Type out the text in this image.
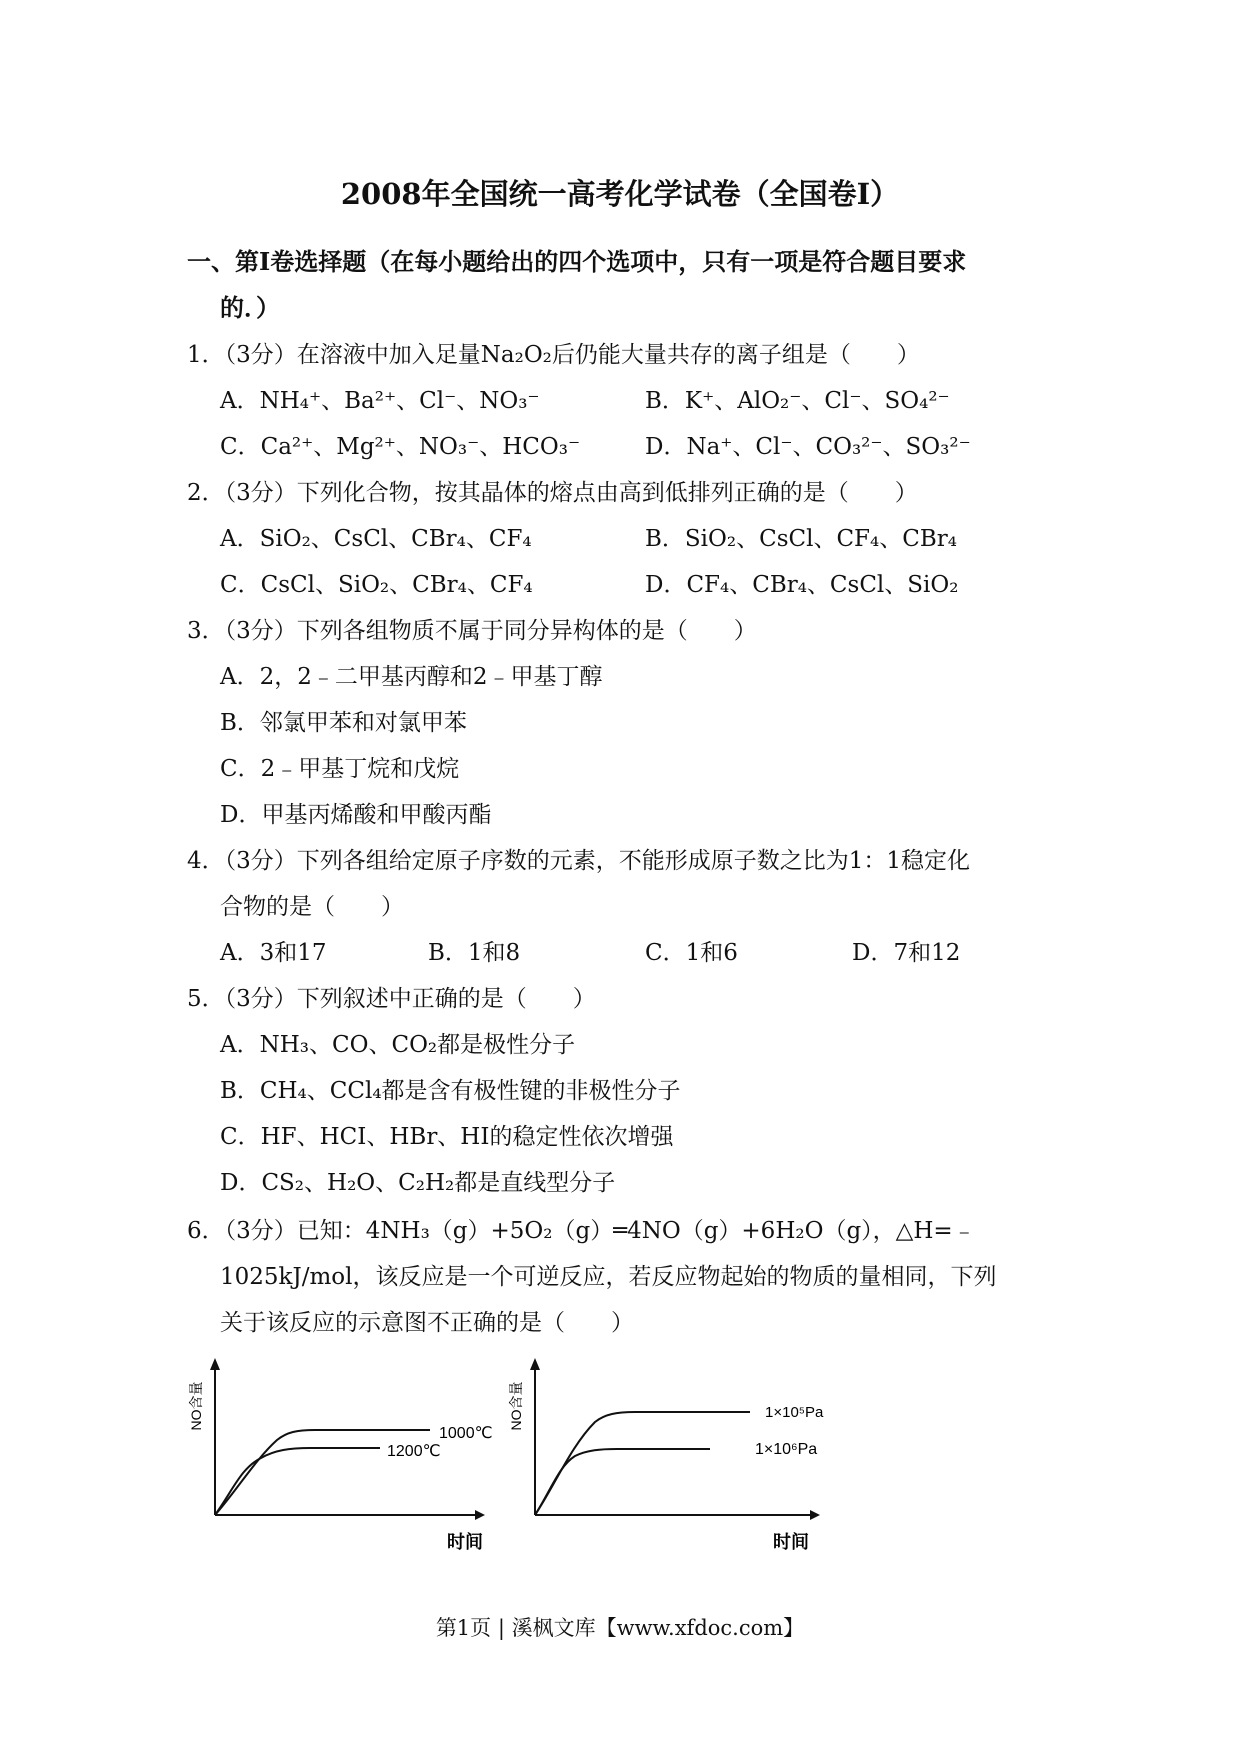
2008年全国统一高考化学试卷（全国卷Ⅰ）
一、第Ⅰ卷选择题（在每小题给出的四个选项中，只有一项是符合题目要求
的．）
1．（3分）在溶液中加入足量Na₂O₂后仍能大量共存的离子组是（　　）
A．NH₄⁺、Ba²⁺、Cl⁻、NO₃⁻	B．K⁺、AlO₂⁻、Cl⁻、SO₄²⁻
C．Ca²⁺、Mg²⁺、NO₃⁻、HCO₃⁻	D．Na⁺、Cl⁻、CO₃²⁻、SO₃²⁻
2．（3分）下列化合物，按其晶体的熔点由高到低排列正确的是（　　）
A．SiO₂、CsCl、CBr₄、CF₄	B．SiO₂、CsCl、CF₄、CBr₄
C．CsCl、SiO₂、CBr₄、CF₄	D．CF₄、CBr₄、CsCl、SiO₂
3．（3分）下列各组物质不属于同分异构体的是（　　）
A．2，2﹣二甲基丙醇和2﹣甲基丁醇
B．邻氯甲苯和对氯甲苯
C．2﹣甲基丁烷和戊烷
D．甲基丙烯酸和甲酸丙酯
4．（3分）下列各组给定原子序数的元素，不能形成原子数之比为1：1稳定化
合物的是（　　）
A．3和17	B．1和8	C．1和6	D．7和12
5．（3分）下列叙述中正确的是（　　）
A．NH₃、CO、CO₂都是极性分子
B．CH₄、CCl₄都是含有极性键的非极性分子
C．HF、HCI、HBr、HI的稳定性依次增强
D．CS₂、H₂O、C₂H₂都是直线型分子
6．（3分）已知：4NH₃（g）+5O₂（g）═4NO（g）+6H₂O（g），△H=﹣
1025kJ/mol，该反应是一个可逆反应，若反应物起始的物质的量相同，下列
关于该反应的示意图不正确的是（　　）
NO含量
时间
1000℃
1200℃
NO含量
时间
1×10⁵Pa
1×10⁶Pa
第1页 | 溪枫文库【www.xfdoc.com】
